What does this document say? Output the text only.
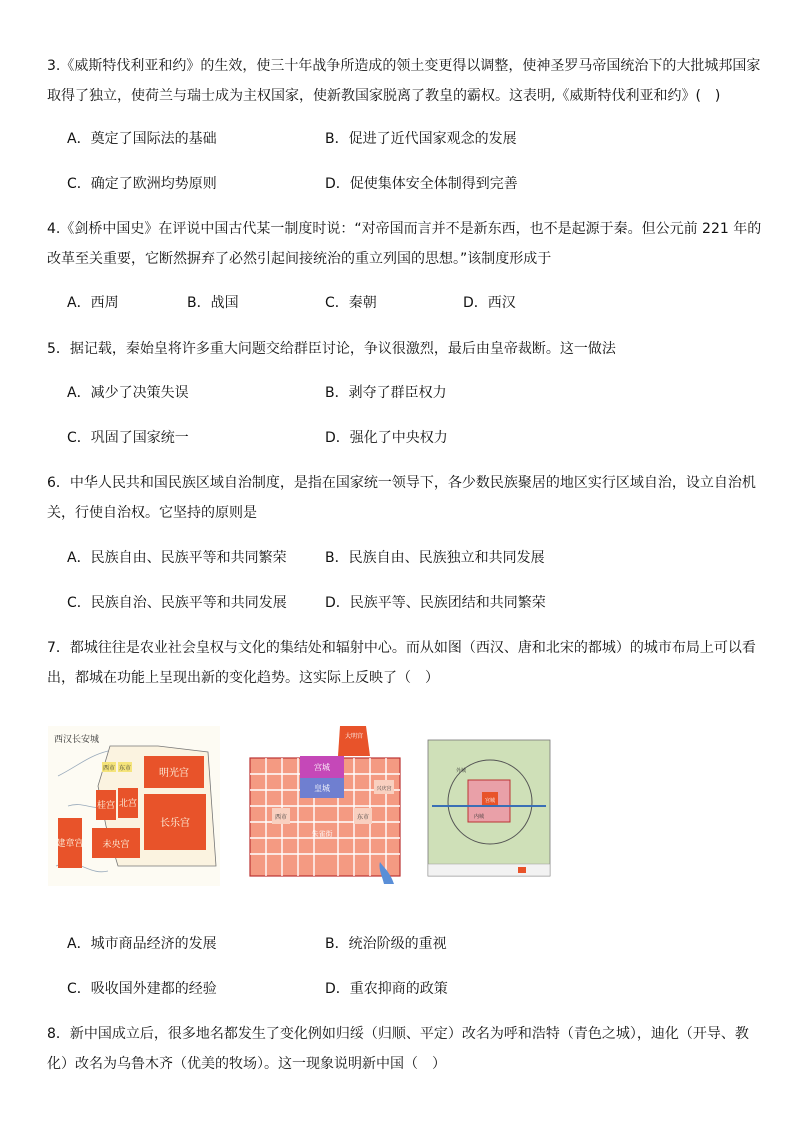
3.《威斯特伐利亚和约》的生效，使三十年战争所造成的领土变更得以调整，使神圣罗马帝国统治下的大批城邦国家取得了独立，使荷兰与瑞士成为主权国家，使新教国家脱离了教皇的霸权。这表明,《威斯特伐利亚和约》(　)

A．奠定了国际法的基础	B．促进了近代国家观念的发展
C．确定了欧洲均势原则	D．促使集体安全体制得到完善

4.《剑桥中国史》在评说中国古代某一制度时说：“对帝国而言并不是新东西，也不是起源于秦。但公元前 221 年的改革至关重要，它断然摒弃了必然引起间接统治的重立列国的思想。”该制度形成于

A．西周	B．战国	C．秦朝	D．西汉

5．据记载，秦始皇将许多重大问题交给群臣讨论，争议很激烈，最后由皇帝裁断。这一做法

A．减少了决策失误	B．剥夺了群臣权力
C．巩固了国家统一	D．强化了中央权力

6．中华人民共和国民族区域自治制度，是指在国家统一领导下，各少数民族聚居的地区实行区域自治，设立自治机关，行使自治权。它坚持的原则是

A．民族自由、民族平等和共同繁荣	B．民族自由、民族独立和共同发展
C．民族自治、民族平等和共同发展	D．民族平等、民族团结和共同繁荣

7．都城往往是农业社会皇权与文化的集结处和辐射中心。而从如图（西汉、唐和北宋的都城）的城市布局上可以看出，都城在功能上呈现出新的变化趋势。这实际上反映了（　）

西汉长安城
明光宫
北宫
桂宫
长乐宫
建章宫 未央宫
东市
西市
大明宫
宫城
皇城
西市	东市
朱雀街
兴庆宫
宫城
内城
外城
A．城市商品经济的发展	B．统治阶级的重视
C．吸收国外建都的经验	D．重农抑商的政策

8．新中国成立后，很多地名都发生了变化例如归绥（归顺、平定）改名为呼和浩特（青色之城），迪化（开导、教化）改名为乌鲁木齐（优美的牧场）。这一现象说明新中国（　）
